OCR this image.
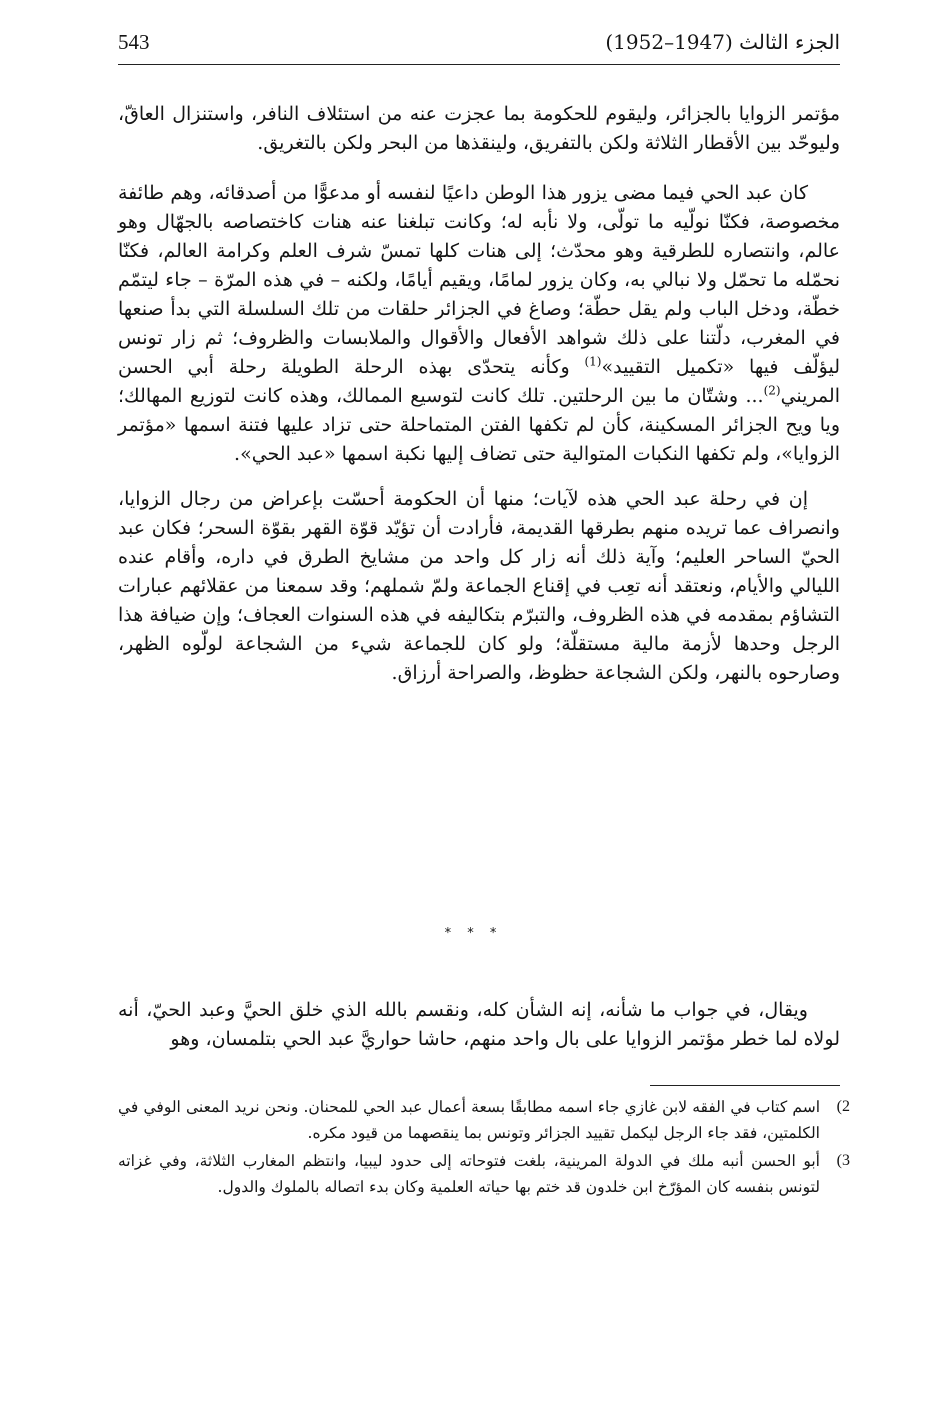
543	الجزء الثالث (1947–1952)

مؤتمر الزوايا بالجزائر، وليقوم للحكومة بما عجزت عنه من استئلاف النافر، واستنزال العاقّ، وليوحّد بين الأقطار الثلاثة ولكن بالتفريق، ولينقذها من البحر ولكن بالتغريق.

كان عبد الحي فيما مضى يزور هذا الوطن داعيًا لنفسه أو مدعوًّا من أصدقائه، وهم طائفة مخصوصة، فكنّا نولّيه ما تولّى، ولا نأبه له؛ وكانت تبلغنا عنه هنات كاختصاصه بالجهّال وهو عالم، وانتصاره للطرقية وهو محدّث؛ إلى هنات كلها تمسّ شرف العلم وكرامة العالم، فكنّا نحمّله ما تحمّل ولا نبالي به، وكان يزور لمامًا، ويقيم أيامًا، ولكنه – في هذه المرّة – جاء ليتمّم خطّة، ودخل الباب ولم يقل حطّة؛ وصاغ في الجزائر حلقات من تلك السلسلة التي بدأ صنعها في المغرب، دلّتنا على ذلك شواهد الأفعال والأقوال والملابسات والظروف؛ ثم زار تونس ليؤلّف فيها «تكميل التقييد»$^{(1)}$ وكأنه يتحدّى بهذه الرحلة الطويلة رحلة أبي الحسن المريني$^{(2)}$... وشتّان ما بين الرحلتين. تلك كانت لتوسيع الممالك، وهذه كانت لتوزيع المهالك؛ ويا ويح الجزائر المسكينة، كأن لم تكفها الفتن المتماحلة حتى تزاد عليها فتنة اسمها «مؤتمر الزوايا»، ولم تكفها النكبات المتوالية حتى تضاف إليها نكبة اسمها «عبد الحي».

إن في رحلة عبد الحي هذه لآيات؛ منها أن الحكومة أحسّت بإعراض من رجال الزوايا، وانصراف عما تريده منهم بطرقها القديمة، فأرادت أن تؤيّد قوّة القهر بقوّة السحر؛ فكان عبد الحيّ الساحر العليم؛ وآية ذلك أنه زار كل واحد من مشايخ الطرق في داره، وأقام عنده الليالي والأيام، ونعتقد أنه تعِب في إقناع الجماعة ولمّ شملهم؛ وقد سمعنا من عقلائهم عبارات التشاؤم بمقدمه في هذه الظروف، والتبرّم بتكاليفه في هذه السنوات العجاف؛ وإن ضيافة هذا الرجل وحدها لأزمة مالية مستقلّة؛ ولو كان للجماعة شيء من الشجاعة لولّوه الظهر، وصارحوه بالنهر، ولكن الشجاعة حظوظ، والصراحة أرزاق.

* * *

ويقال، في جواب ما شأنه، إنه الشأن كله، ونقسم بالله الذي خلق الحيَّ وعبد الحيّ، أنه لولاه لما خطر مؤتمر الزوايا على بال واحد منهم، حاشا حواريَّ عبد الحي بتلمسان، وهو

2)
اسم كتاب في الفقه لابن غازي جاء اسمه مطابقًا بسعة أعمال عبد الحي للمحنان. ونحن نريد المعنى الوفي في الكلمتين، فقد جاء الرجل ليكمل تقييد الجزائر وتونس بما ينقصهما من قيود مكره.
3)
أبو الحسن أنبه ملك في الدولة المرينية، بلغت فتوحاته إلى حدود ليبيا، وانتظم المغارب الثلاثة، وفي غزاته لتونس بنفسه كان المؤرّخ ابن خلدون قد ختم بها حياته العلمية وكان بدء اتصاله بالملوك والدول.
